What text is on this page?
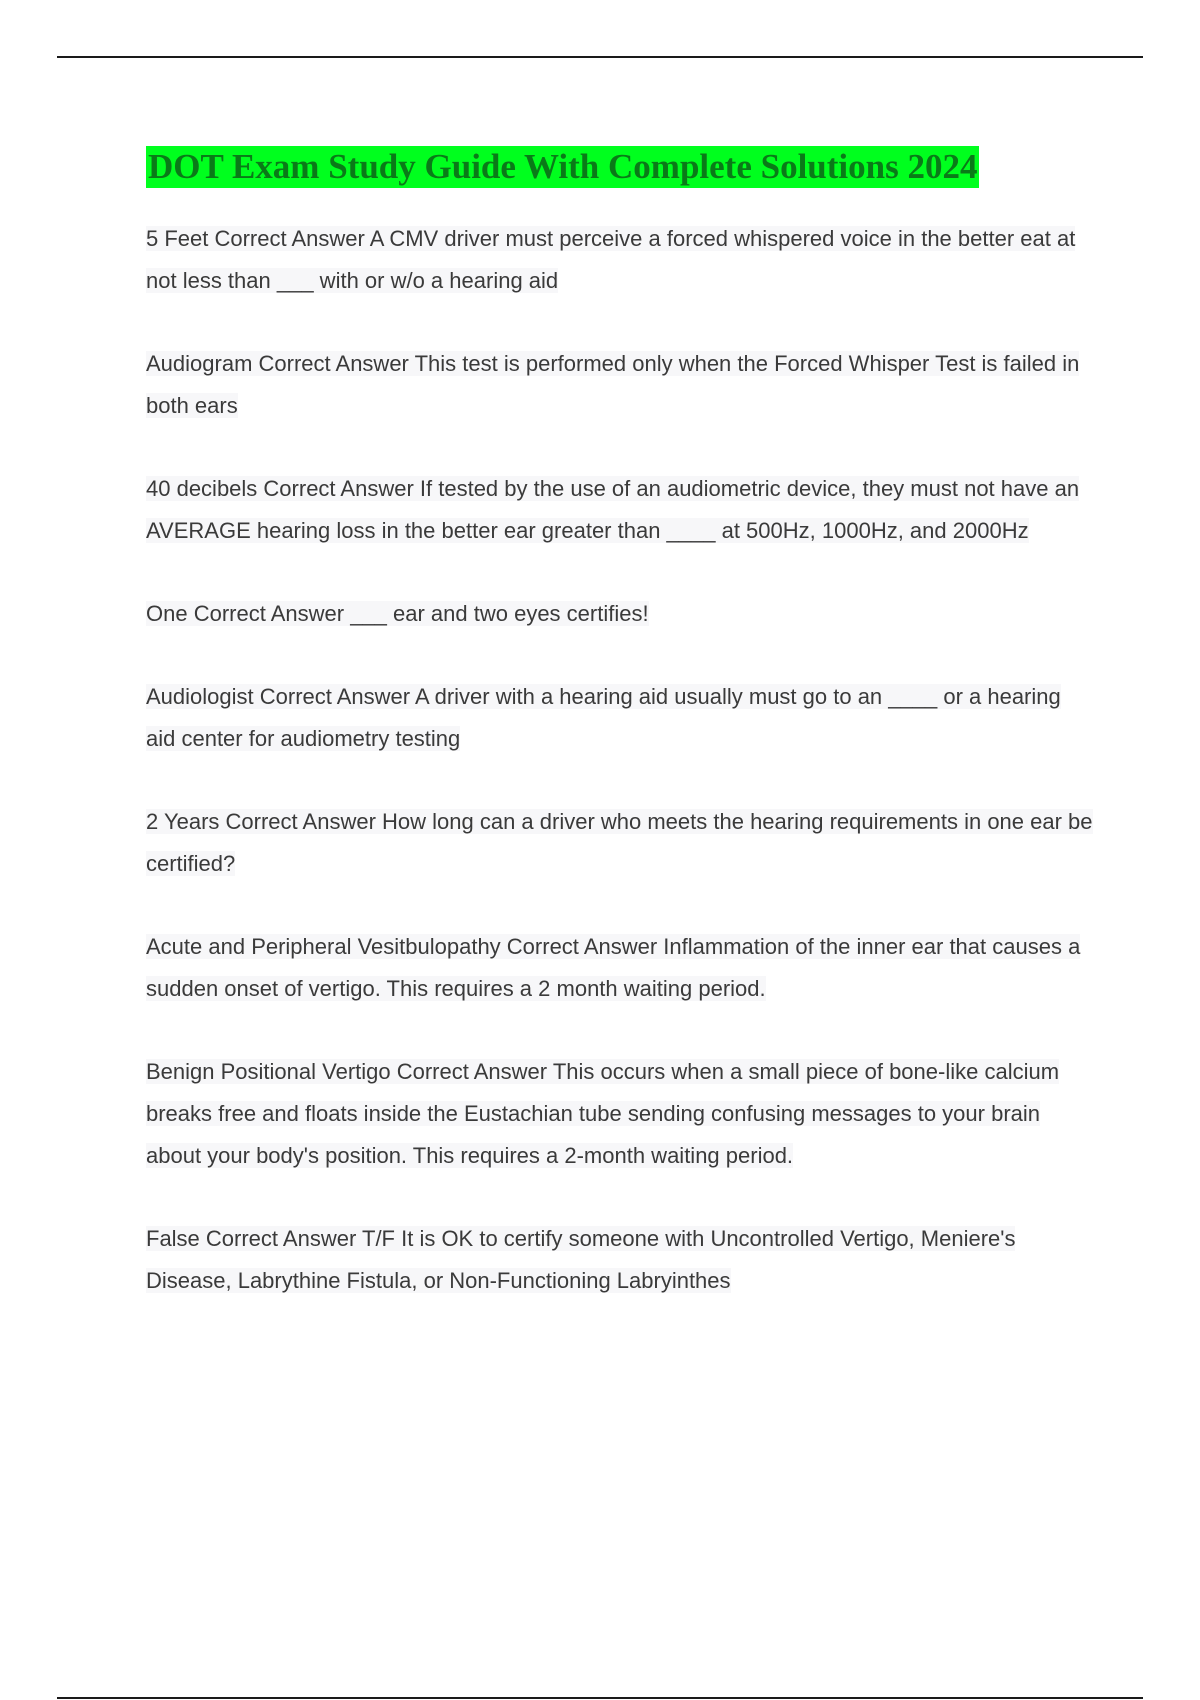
DOT Exam Study Guide With Complete Solutions 2024
5 Feet Correct Answer A CMV driver must perceive a forced whispered voice in the better eat at not less than ___ with or w/o a hearing aid
Audiogram Correct Answer This test is performed only when the Forced Whisper Test is failed in both ears
40 decibels Correct Answer If tested by the use of an audiometric device, they must not have an AVERAGE hearing loss in the better ear greater than ____ at 500Hz, 1000Hz, and 2000Hz
One Correct Answer ___ ear and two eyes certifies!
Audiologist Correct Answer A driver with a hearing aid usually must go to an ____ or a hearing aid center for audiometry testing
2 Years Correct Answer How long can a driver who meets the hearing requirements in one ear be certified?
Acute and Peripheral Vesitbulopathy Correct Answer Inflammation of the inner ear that causes a sudden onset of vertigo. This requires a 2 month waiting period.
Benign Positional Vertigo Correct Answer This occurs when a small piece of bone-like calcium breaks free and floats inside the Eustachian tube sending confusing messages to your brain about your body's position. This requires a 2-month waiting period.
False Correct Answer T/F It is OK to certify someone with Uncontrolled Vertigo, Meniere's Disease, Labrythine Fistula, or Non-Functioning Labryinthes
